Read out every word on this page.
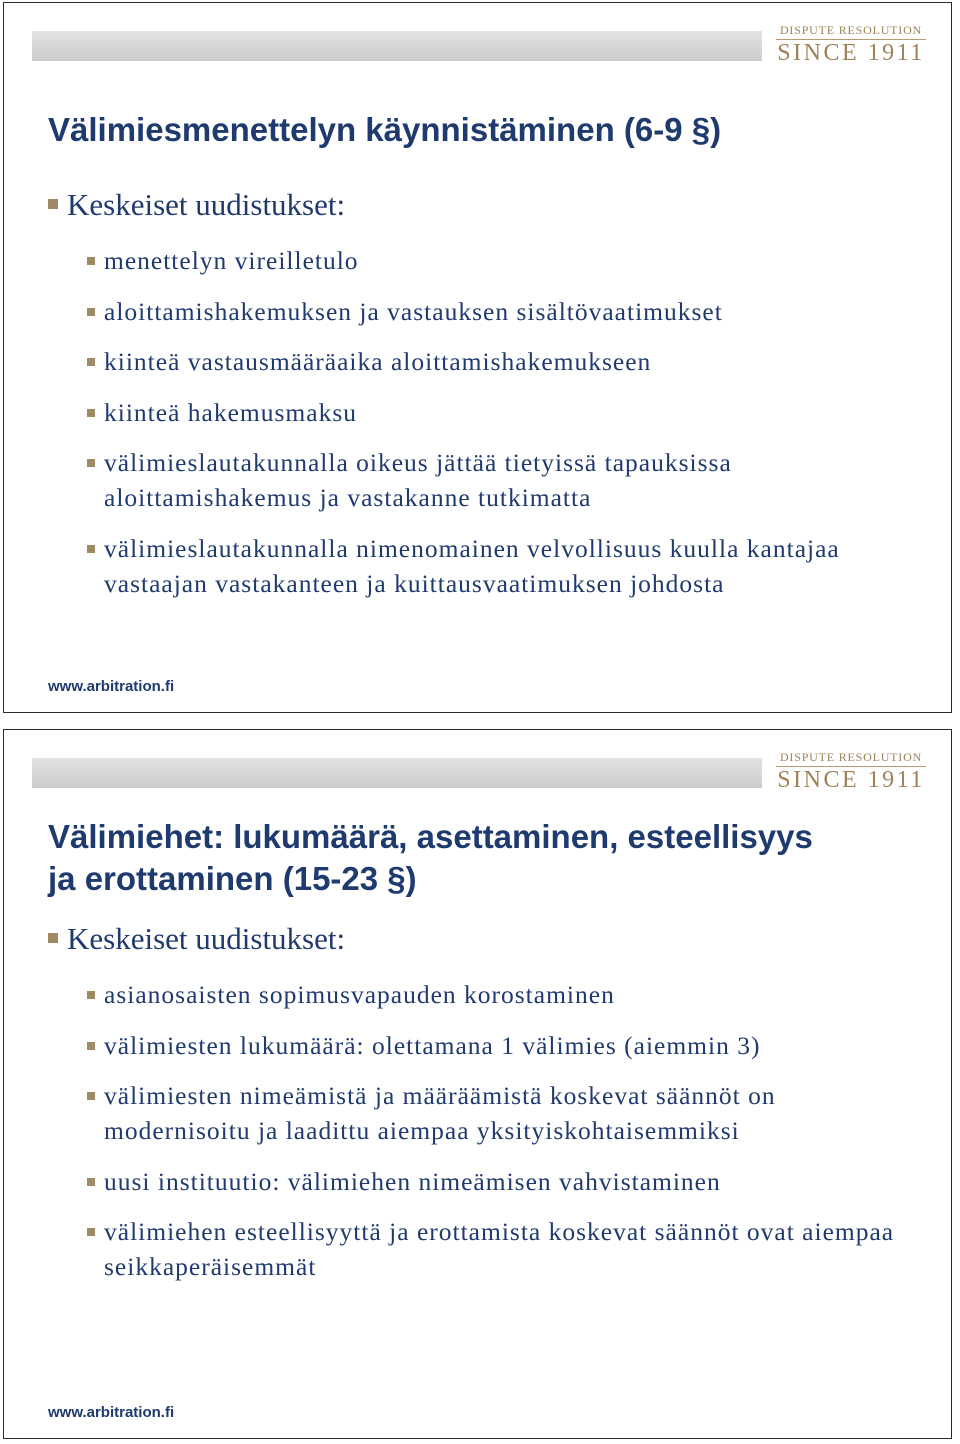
DISPUTE RESOLUTION
SINCE 1911
Välimiesmenettelyn käynnistäminen (6-9 §)
Keskeiset uudistukset:
menettelyn vireilletulo
aloittamishakemuksen ja vastauksen sisältövaatimukset
kiinteä vastausmääräaika aloittamishakemukseen
kiinteä hakemusmaksu
välimieslautakunnalla oikeus jättää tietyissä tapauksissa aloittamishakemus ja vastakanne tutkimatta
välimieslautakunnalla nimenomainen velvollisuus kuulla kantajaa vastaajan vastakanteen ja kuittausvaatimuksen johdosta
www.arbitration.fi
DISPUTE RESOLUTION
SINCE 1911
Välimiehet: lukumäärä, asettaminen, esteellisyys
ja erottaminen (15-23 §)
Keskeiset uudistukset:
asianosaisten sopimusvapauden korostaminen
välimiesten lukumäärä: olettamana 1 välimies (aiemmin 3)
välimiesten nimeämistä ja määräämistä koskevat säännöt on modernisoitu ja laadittu aiempaa yksityiskohtaisemmiksi
uusi instituutio: välimiehen nimeämisen vahvistaminen
välimiehen esteellisyyttä ja erottamista koskevat säännöt ovat aiempaa seikkaperäisemmät
www.arbitration.fi
